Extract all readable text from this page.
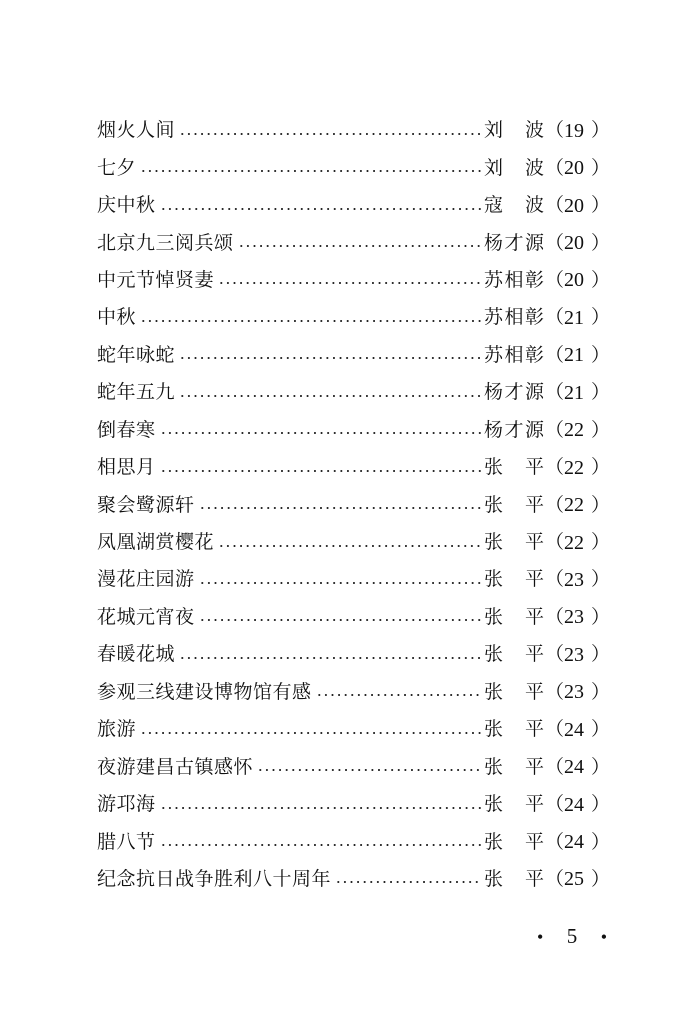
烟火人间	刘波 （ 19 ）
七夕	刘波 （ 20 ）
庆中秋	寇波 （ 20 ）
北京九三阅兵颂	杨才源 （ 20 ）
中元节悼贤妻	苏相彰 （ 20 ）
中秋	苏相彰 （ 21 ）
蛇年咏蛇	苏相彰 （ 21 ）
蛇年五九	杨才源 （ 21 ）
倒春寒	杨才源 （ 22 ）
相思月	张平 （ 22 ）
聚会鹭源轩	张平 （ 22 ）
凤凰湖赏樱花	张平 （ 22 ）
漫花庄园游	张平 （ 23 ）
花城元宵夜	张平 （ 23 ）
春暖花城	张平 （ 23 ）
参观三线建设博物馆有感	张平 （ 23 ）
旅游	张平 （ 24 ）
夜游建昌古镇感怀	张平 （ 24 ）
游邛海	张平 （ 24 ）
腊八节	张平 （ 24 ）
纪念抗日战争胜利八十周年	张平 （ 25 ）
• 5 •
